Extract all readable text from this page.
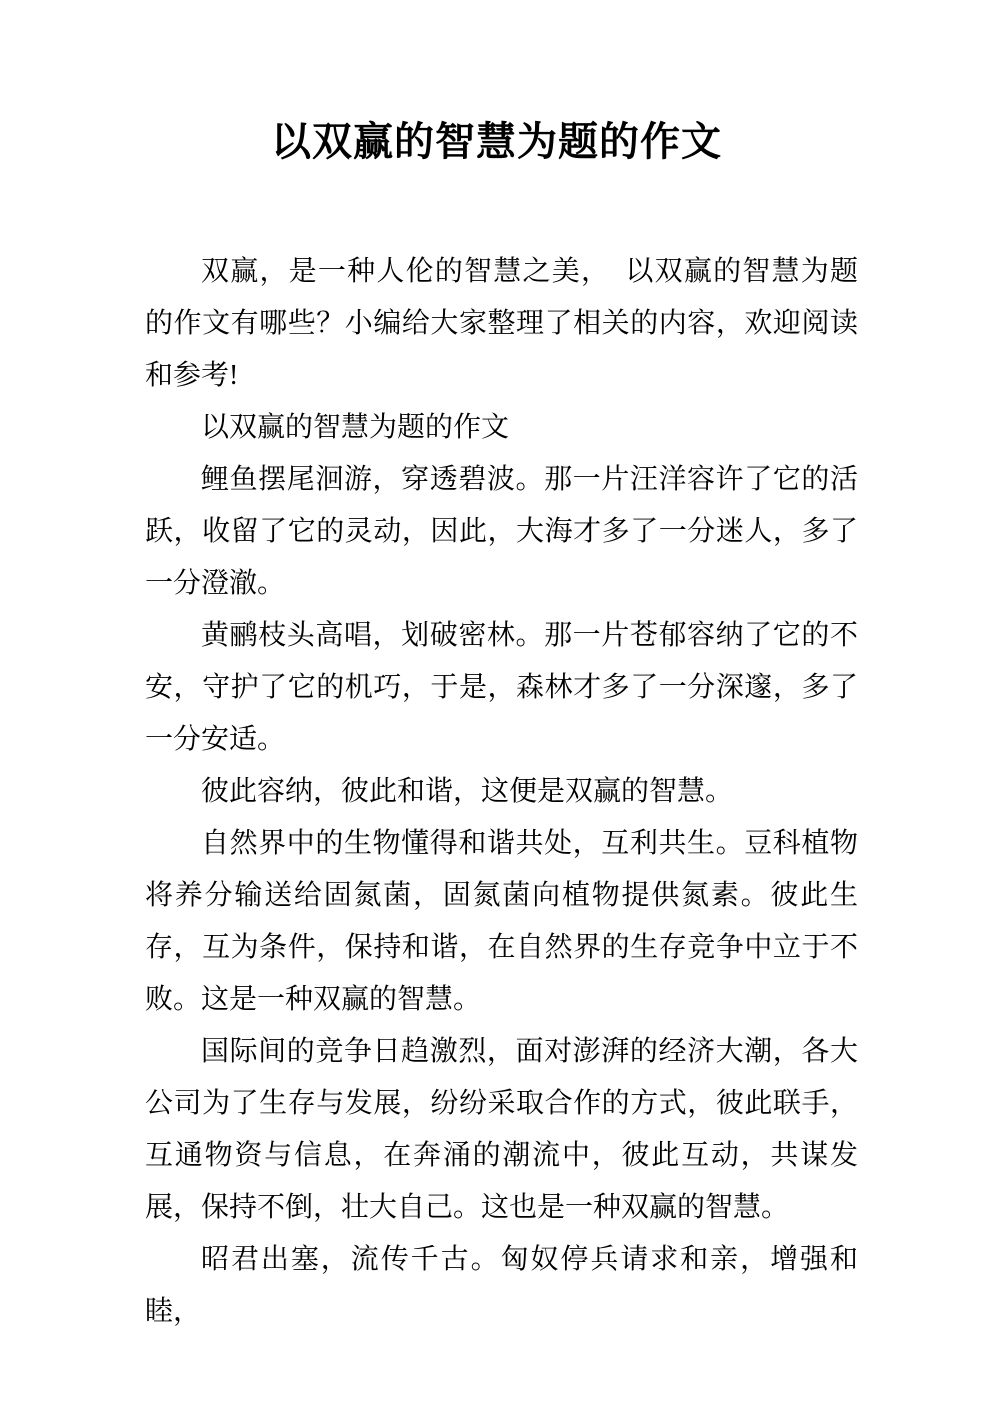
以双赢的智慧为题的作文

双赢，是一种人伦的智慧之美，　以双赢的智慧为题的作文有哪些？小编给大家整理了相关的内容，欢迎阅读和参考!

以双赢的智慧为题的作文

鲤鱼摆尾洄游，穿透碧波。那一片汪洋容许了它的活跃，收留了它的灵动，因此，大海才多了一分迷人，多了一分澄澈。

黄鹂枝头高唱，划破密林。那一片苍郁容纳了它的不安，守护了它的机巧，于是，森林才多了一分深邃，多了一分安适。

彼此容纳，彼此和谐，这便是双赢的智慧。

自然界中的生物懂得和谐共处，互利共生。豆科植物将养分输送给固氮菌，固氮菌向植物提供氮素。彼此生存，互为条件，保持和谐，在自然界的生存竞争中立于不败。这是一种双赢的智慧。

国际间的竞争日趋激烈，面对澎湃的经济大潮，各大公司为了生存与发展，纷纷采取合作的方式，彼此联手，互通物资与信息，在奔涌的潮流中，彼此互动，共谋发展，保持不倒，壮大自己。这也是一种双赢的智慧。

昭君出塞，流传千古。匈奴停兵请求和亲，增强和睦，
